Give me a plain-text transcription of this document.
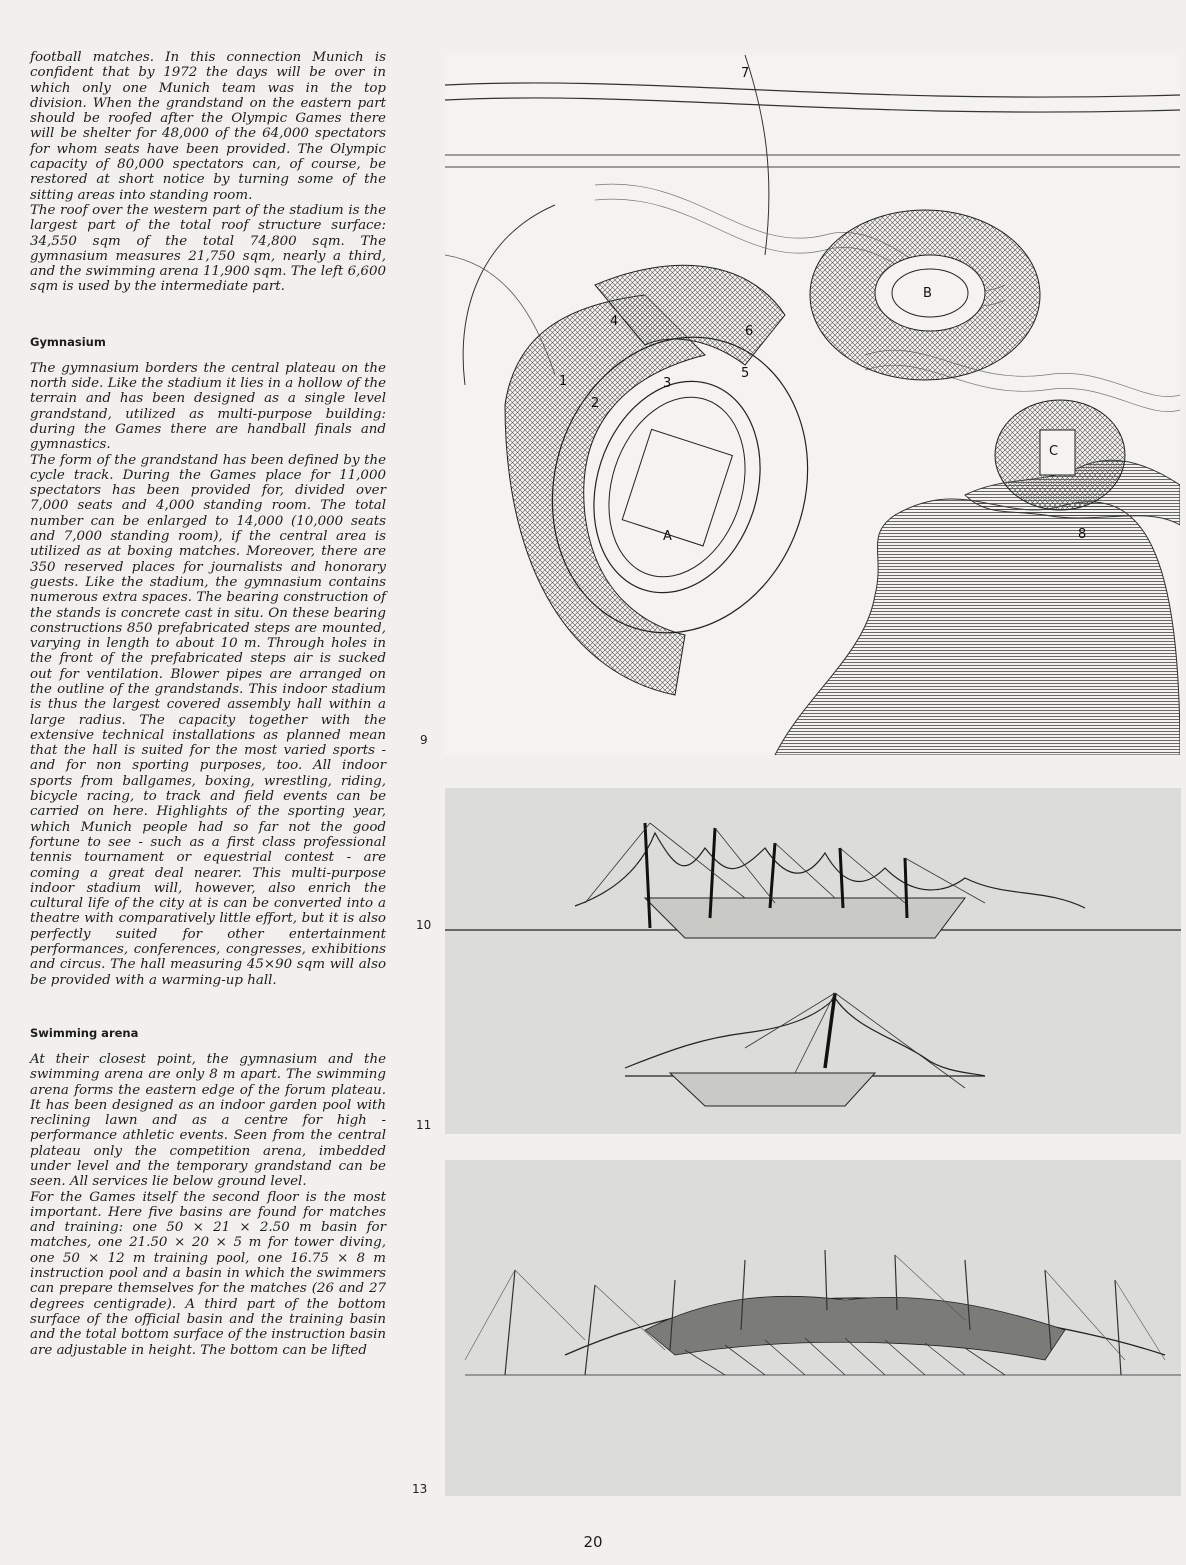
football matches. In this connection Munich is confident that by 1972 the days will be over in which only one Munich team was in the top division. When the grandstand on the eastern part should be roofed after the Olympic Games there will be shelter for 48,000 of the 64,000 spectators for whom seats have been provided. The Olympic capacity of 80,000 spectators can, of course, be restored at short notice by turning some of the sitting areas into standing room.

The roof over the western part of the stadium is the largest part of the total roof structure surface: 34,550 sqm of the total 74,800 sqm. The gymnasium measures 21,750 sqm, nearly a third, and the swimming arena 11,900 sqm. The left 6,600 sqm is used by the intermediate part.

Gymnasium

The gymnasium borders the central plateau on the north side. Like the stadium it lies in a hollow of the terrain and has been designed as a single level grandstand, utilized as multi-purpose building: during the Games there are handball finals and gymnastics.

The form of the grandstand has been defined by the cycle track. During the Games place for 11,000 spectators has been provided for, divided over 7,000 seats and 4,000 standing room. The total number can be enlarged to 14,000 (10,000 seats and 7,000 standing room), if the central area is utilized as at boxing matches. Moreover, there are 350 reserved places for journalists and honorary guests. Like the stadium, the gymnasium contains numerous extra spaces. The bearing construction of the stands is concrete cast in situ. On these bearing constructions 850 prefabricated steps are mounted, varying in length to about 10 m. Through holes in the front of the prefabricated steps air is sucked out for ventilation. Blower pipes are arranged on the outline of the grandstands. This indoor stadium is thus the largest covered assembly hall within a large radius. The capacity together with the extensive technical installations as planned mean that the hall is suited for the most varied sports - and for non sporting purposes, too. All indoor sports from ballgames, boxing, wrestling, riding, bicycle racing, to track and field events can be carried on here. Highlights of the sporting year, which Munich people had so far not the good fortune to see - such as a first class professional tennis tournament or equestrial contest - are coming a great deal nearer. This multi-purpose indoor stadium will, however, also enrich the cultural life of the city at is can be converted into a theatre with comparatively little effort, but it is also perfectly suited for other entertainment performances, conferences, congresses, exhibitions and circus. The hall measuring 45×90 sqm will also be provided with a warming-up hall.

Swimming arena

At their closest point, the gymnasium and the swimming arena are only 8 m apart. The swimming arena forms the eastern edge of the forum plateau. It has been designed as an indoor garden pool with reclining lawn and as a centre for high - performance athletic events. Seen from the central plateau only the competition arena, imbedded under level and the temporary grandstand can be seen. All services lie below ground level.

For the Games itself the second floor is the most important. Here five basins are found for matches and training: one 50 × 21 × 2.50 m basin for matches, one 21.50 × 20 × 5 m for tower diving, one 50 × 12 m training pool, one 16.75 × 8 m instruction pool and a basin in which the swimmers can prepare themselves for the matches (26 and 27 degrees centigrade). A third part of the bottom surface of the official basin and the training basin and the total bottom surface of the instruction basin are adjustable in height. The bottom can be lifted

A
B
C
1
2
3
4
5
6
7
8
9
10
11
13
20
